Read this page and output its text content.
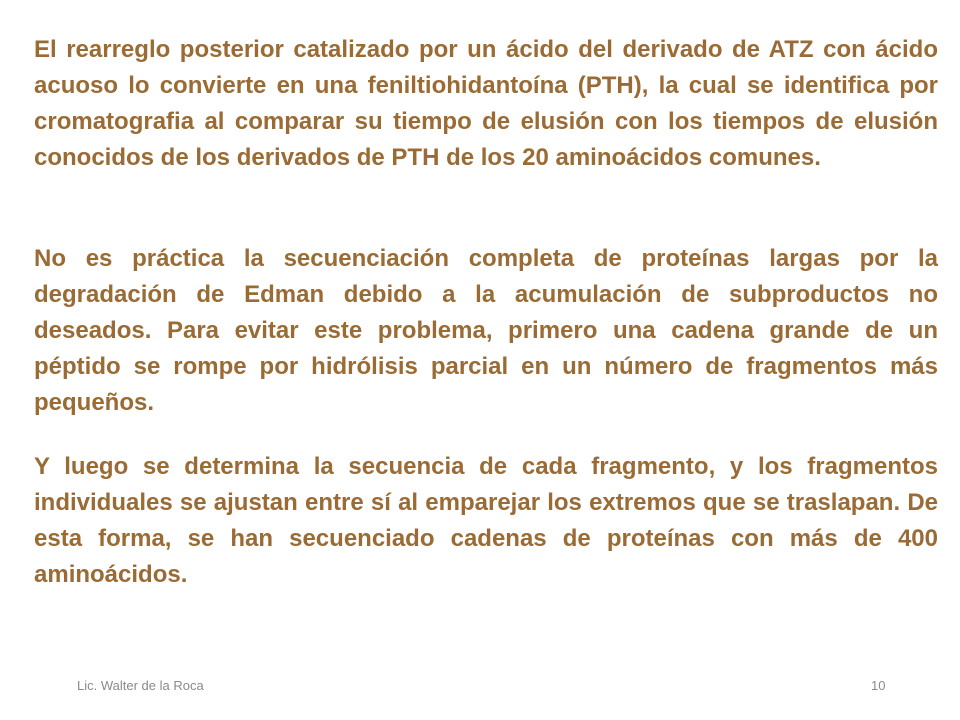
El rearreglo posterior catalizado por un ácido del derivado de ATZ con ácido acuoso lo convierte en una feniltiohidantoína (PTH), la cual se identifica por cromatografia al comparar su tiempo de elusión con los tiempos de elusión conocidos de los derivados de PTH de los 20 aminoácidos comunes.

No es práctica la secuenciación completa de proteínas largas por la degradación de Edman debido a la acumulación de subproductos no deseados. Para evitar este problema, primero una cadena grande de un péptido se rompe por hidrólisis parcial en un número de fragmentos más pequeños.

Y luego se determina la secuencia de cada fragmento, y los fragmentos individuales se ajustan entre sí al emparejar los extremos que se traslapan. De esta forma, se han secuenciado cadenas de proteínas con más de 400 aminoácidos.

Lic. Walter de la Roca	10
